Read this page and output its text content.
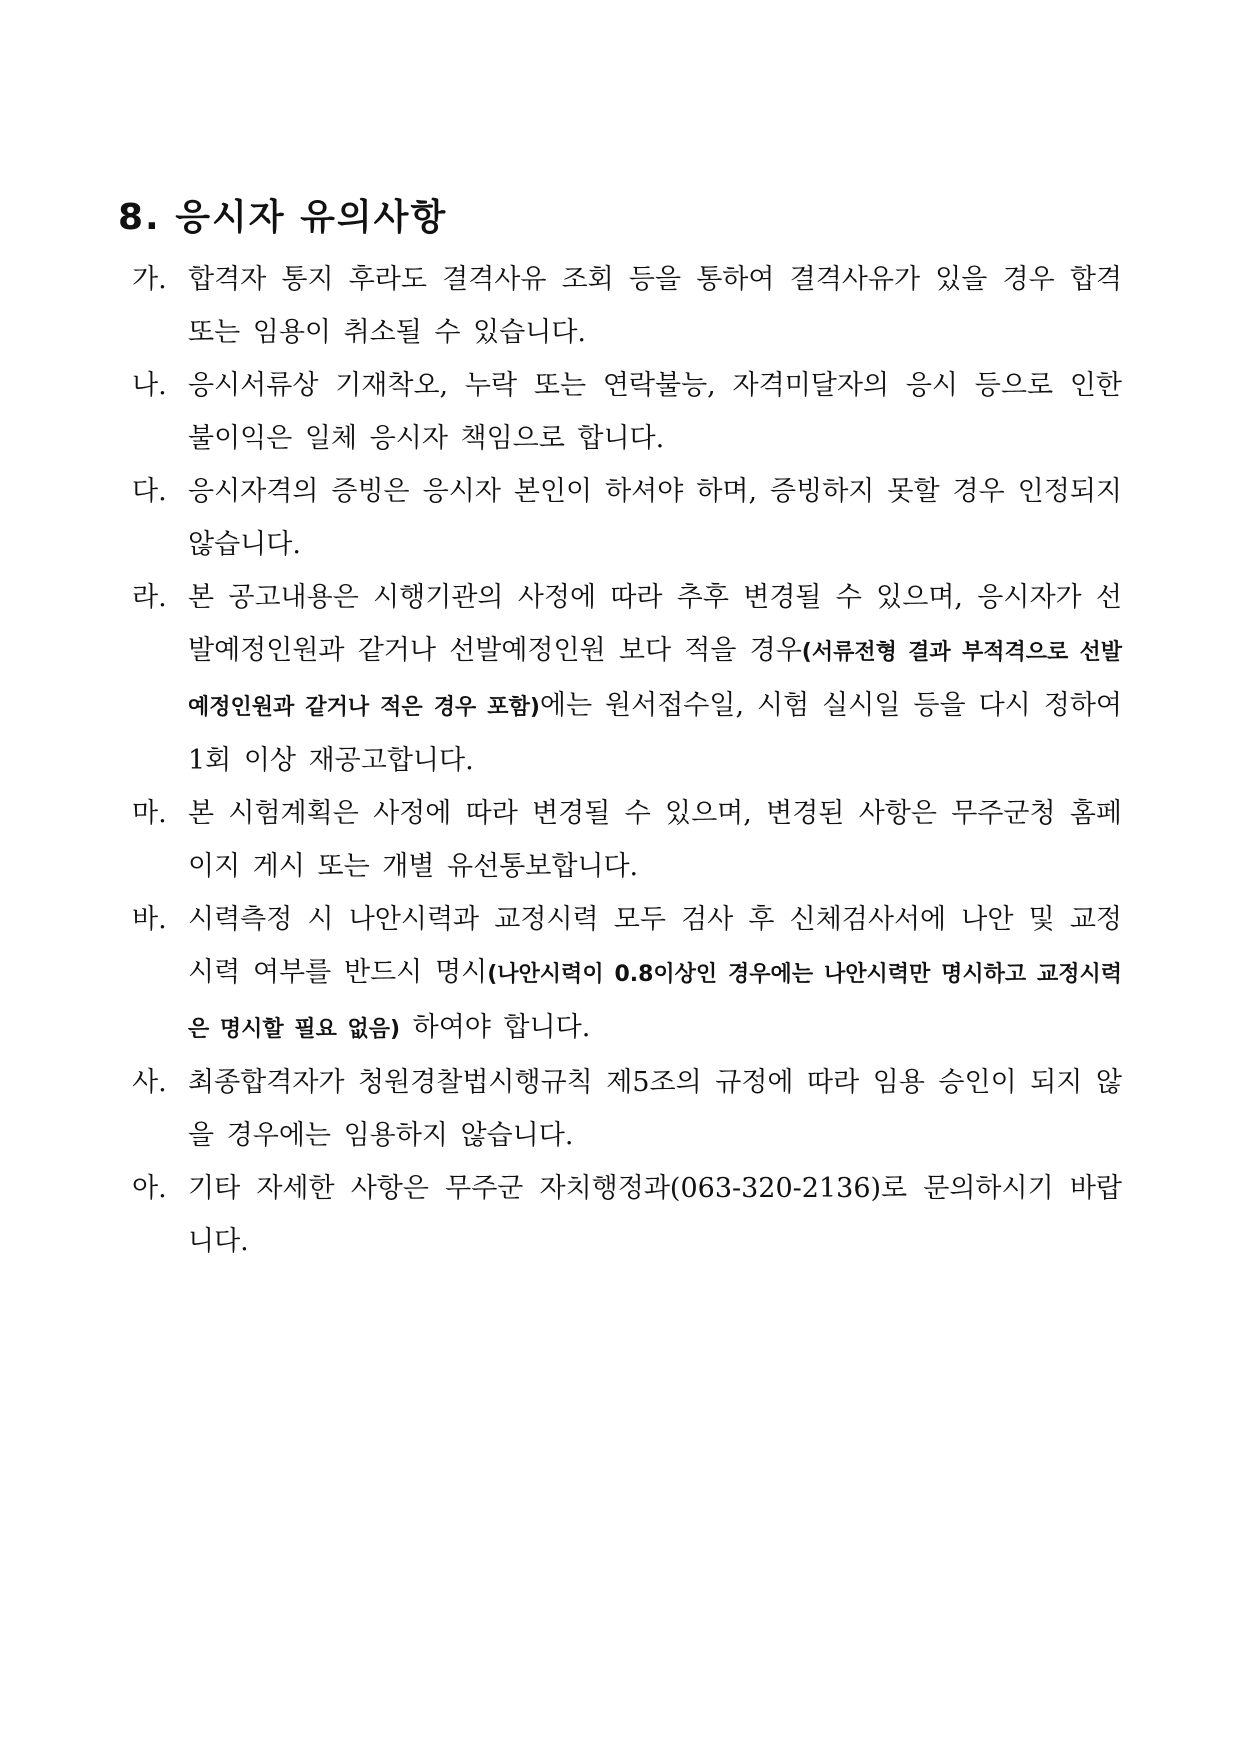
8. 응시자 유의사항
가. 합격자 통지 후라도 결격사유 조회 등을 통하여 결격사유가 있을 경우 합격 또는 임용이 취소될 수 있습니다.
나. 응시서류상 기재착오, 누락 또는 연락불능, 자격미달자의 응시 등으로 인한 불이익은 일체 응시자 책임으로 합니다.
다. 응시자격의 증빙은 응시자 본인이 하셔야 하며, 증빙하지 못할 경우 인정되지 않습니다.
라. 본 공고내용은 시행기관의 사정에 따라 추후 변경될 수 있으며, 응시자가 선발예정인원과 같거나 선발예정인원 보다 적을 경우(서류전형 결과 부적격으로 선발예정인원과 같거나 적은 경우 포함)에는 원서접수일, 시험 실시일 등을 다시 정하여 1회 이상 재공고합니다.
마. 본 시험계획은 사정에 따라 변경될 수 있으며, 변경된 사항은 무주군청 홈페이지 게시 또는 개별 유선통보합니다.
바. 시력측정 시 나안시력과 교정시력 모두 검사 후 신체검사서에 나안 및 교정시력 여부를 반드시 명시(나안시력이 0.8이상인 경우에는 나안시력만 명시하고 교정시력은 명시할 필요 없음) 하여야 합니다.
사. 최종합격자가 청원경찰법시행규칙 제5조의 규정에 따라 임용 승인이 되지 않을 경우에는 임용하지 않습니다.
아. 기타 자세한 사항은 무주군 자치행정과(063-320-2136)로 문의하시기 바랍니다.
